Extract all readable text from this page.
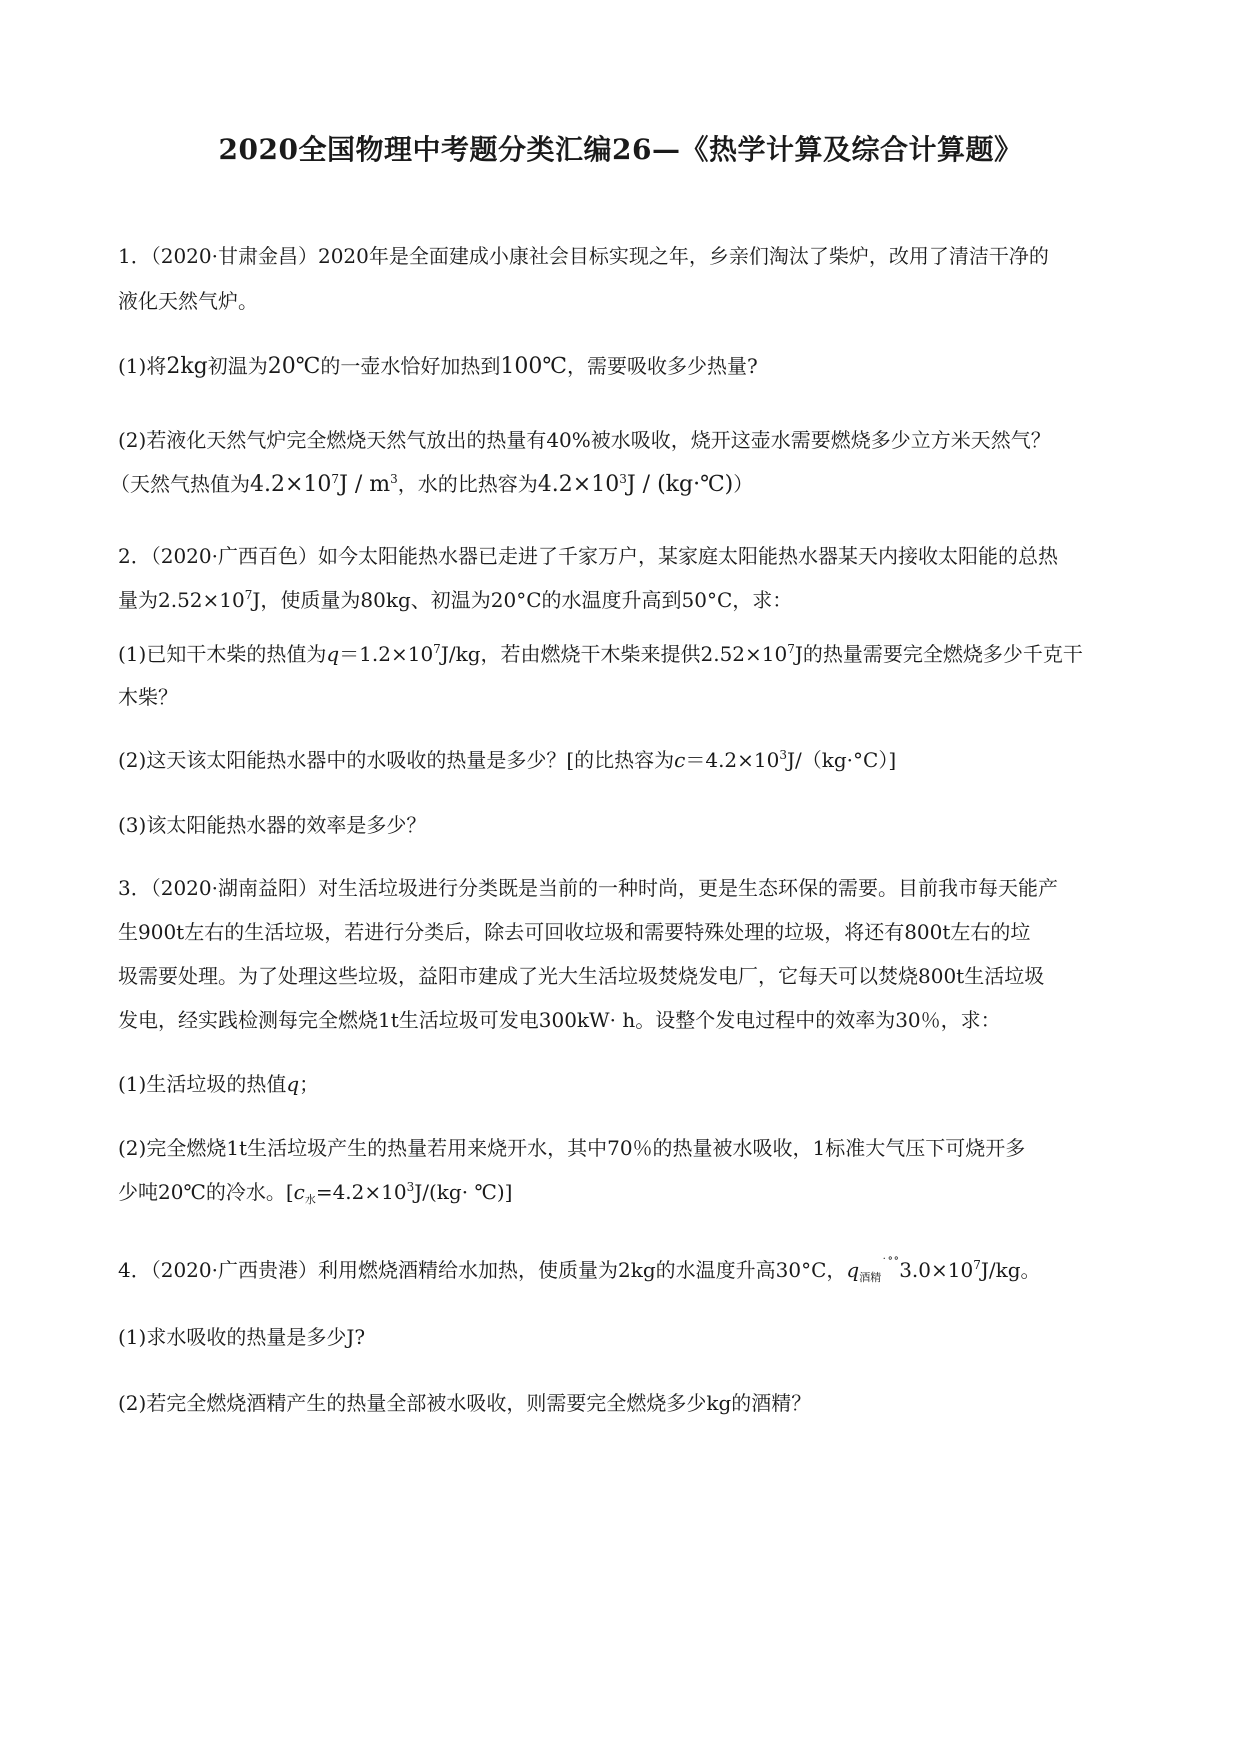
2020全国物理中考题分类汇编26—《热学计算及综合计算题》
1．（2020·甘肃金昌）2020年是全面建成小康社会目标实现之年，乡亲们淘汰了柴炉，改用了清洁干净的
液化天然气炉。
(1)将2kg初温为20℃的一壶水恰好加热到100℃，需要吸收多少热量?
(2)若液化天然气炉完全燃烧天然气放出的热量有40%被水吸收，烧开这壶水需要燃烧多少立方米天然气？
（天然气热值为$4.2\times 10^7J / m^3$，水的比热容为$4.2\times 10^3J$ / (kg·℃)）
2．（2020·广西百色）如今太阳能热水器已走进了千家万户，某家庭太阳能热水器某天内接收太阳能的总热
量为$2.52\times 10^7J$，使质量为80kg、初温为20°C的水温度升高到50°C，求：
(1)已知干木柴的热值为$q=1.2\times 10^7J/kg$，若由燃烧干木柴来提供$2.52\times 10^7J$的热量需要完全燃烧多少千克干
木柴？
(2)这天该太阳能热水器中的水吸收的热量是多少？[的比热容为$c=4.2\times 10^3J/(kg\cdot^\circ C)$]
(3)该太阳能热水器的效率是多少？
3．（2020·湖南益阳）对生活垃圾进行分类既是当前的一种时尚，更是生态环保的需要。目前我市每天能产
生900t左右的生活垃圾，若进行分类后，除去可回收垃圾和需要特殊处理的垃圾，将还有800t左右的垃
圾需要处理。为了处理这些垃圾，益阳市建成了光大生活垃圾焚烧发电厂，它每天可以焚烧800t生活垃圾
发电，经实践检测每完全燃烧1t生活垃圾可发电300kW· h。设整个发电过程中的效率为30％，求：
(1)生活垃圾的热值q；
(2)完全燃烧1t生活垃圾产生的热量若用来烧开水，其中70％的热量被水吸收，1标准大气压下可烧开多
少吨20℃的冷水。[$c_水=4.2\times 10^3J/(kg\cdot$ ℃)]
4．（2020·广西贵港）利用燃烧酒精给水加热，使质量为2kg的水温度升高30°C，$q_{酒精}^{˙˚˚}3.0\times 10^7J/kg$。
(1)求水吸收的热量是多少J?
(2)若完全燃烧酒精产生的热量全部被水吸收，则需要完全燃烧多少kg的酒精？
